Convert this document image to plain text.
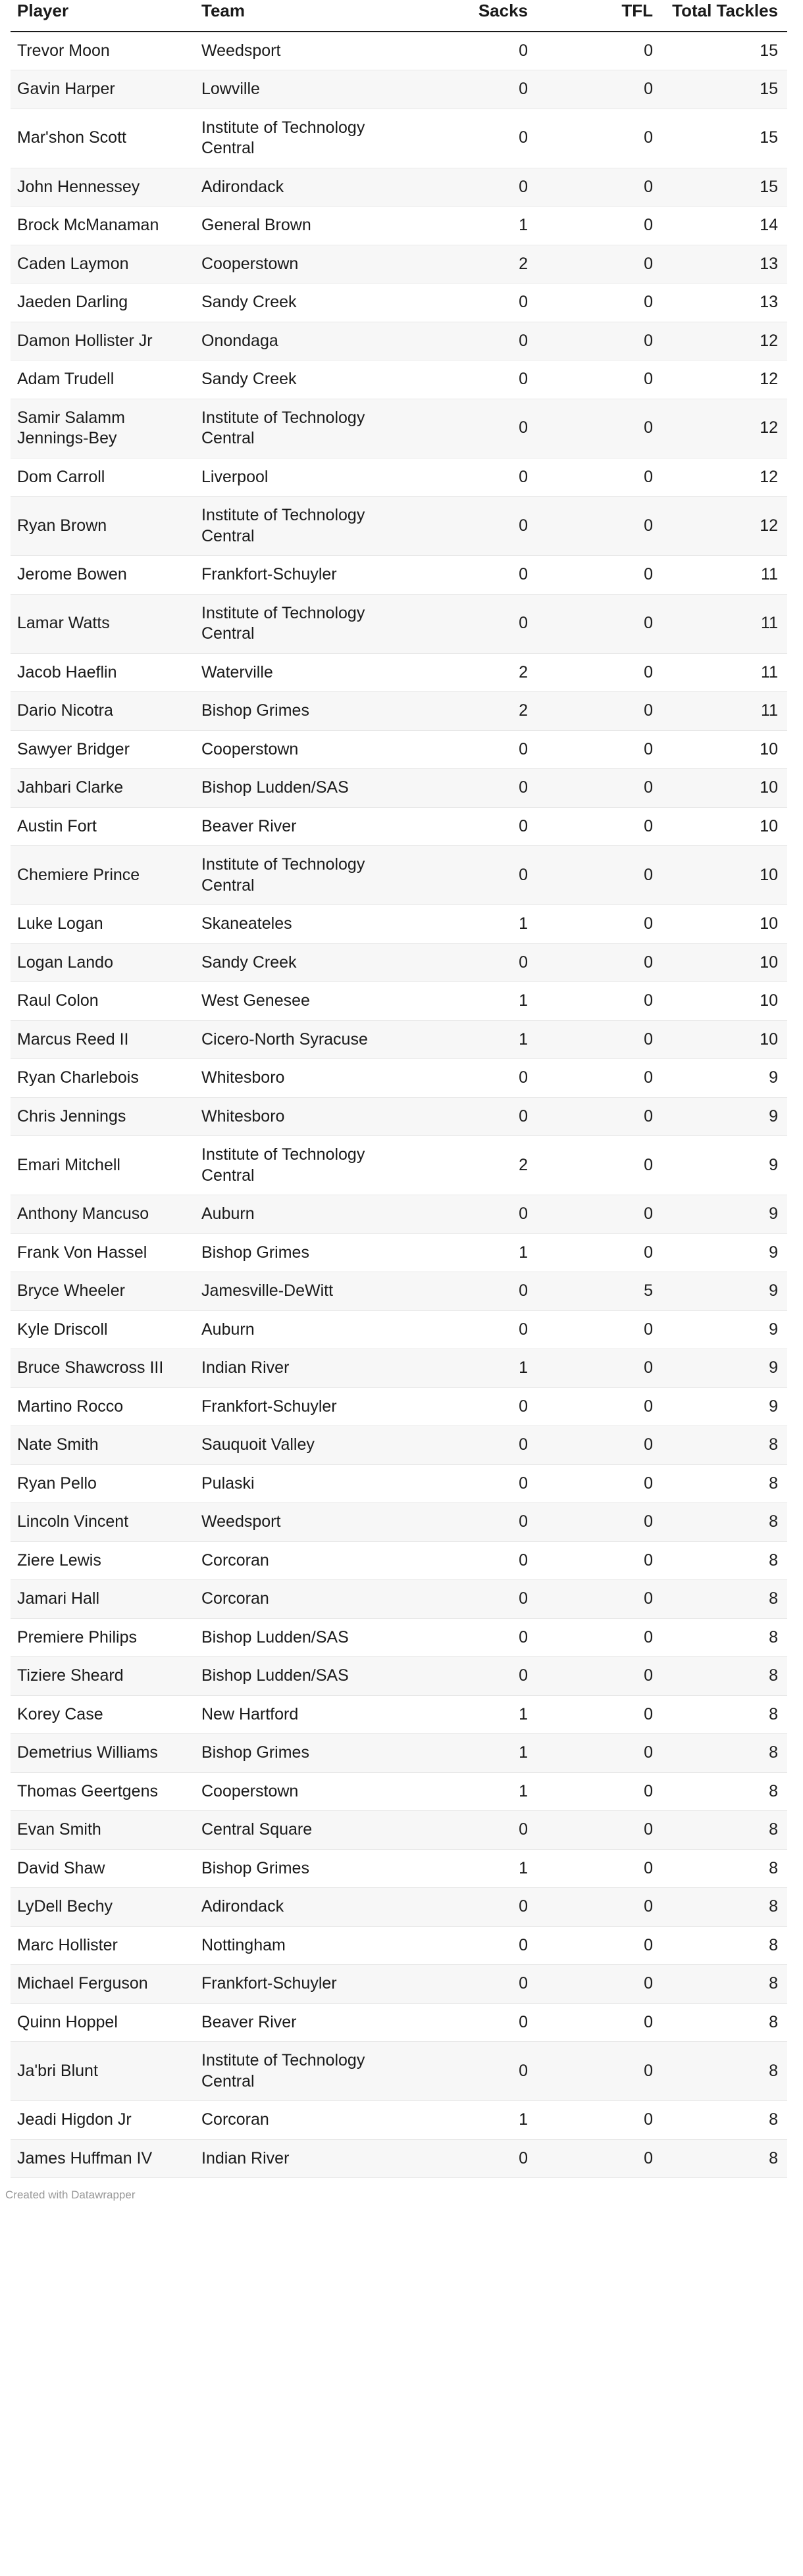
Player	Team	Sacks	TFL	Total Tackles

Trevor Moon	Weedsport	0	0	15
Gavin Harper	Lowville	0	0	15
Mar'shon Scott	Institute of Technology Central	0	0	15
John Hennessey	Adirondack	0	0	15
Brock McManaman	General Brown	1	0	14
Caden Laymon	Cooperstown	2	0	13
Jaeden Darling	Sandy Creek	0	0	13
Damon Hollister Jr	Onondaga	0	0	12
Adam Trudell	Sandy Creek	0	0	12
Samir Salamm Jennings-Bey	Institute of Technology Central	0	0	12
Dom Carroll	Liverpool	0	0	12
Ryan Brown	Institute of Technology Central	0	0	12
Jerome Bowen	Frankfort-Schuyler	0	0	11
Lamar Watts	Institute of Technology Central	0	0	11
Jacob Haeflin	Waterville	2	0	11
Dario Nicotra	Bishop Grimes	2	0	11
Sawyer Bridger	Cooperstown	0	0	10
Jahbari Clarke	Bishop Ludden/SAS	0	0	10
Austin Fort	Beaver River	0	0	10
Chemiere Prince	Institute of Technology Central	0	0	10
Luke Logan	Skaneateles	1	0	10
Logan Lando	Sandy Creek	0	0	10
Raul Colon	West Genesee	1	0	10
Marcus Reed II	Cicero-North Syracuse	1	0	10
Ryan Charlebois	Whitesboro	0	0	9
Chris Jennings	Whitesboro	0	0	9
Emari Mitchell	Institute of Technology Central	2	0	9
Anthony Mancuso	Auburn	0	0	9
Frank Von Hassel	Bishop Grimes	1	0	9
Bryce Wheeler	Jamesville-DeWitt	0	5	9
Kyle Driscoll	Auburn	0	0	9
Bruce Shawcross III	Indian River	1	0	9
Martino Rocco	Frankfort-Schuyler	0	0	9
Nate Smith	Sauquoit Valley	0	0	8
Ryan Pello	Pulaski	0	0	8
Lincoln Vincent	Weedsport	0	0	8
Ziere Lewis	Corcoran	0	0	8
Jamari Hall	Corcoran	0	0	8
Premiere Philips	Bishop Ludden/SAS	0	0	8
Tiziere Sheard	Bishop Ludden/SAS	0	0	8
Korey Case	New Hartford	1	0	8
Demetrius Williams	Bishop Grimes	1	0	8
Thomas Geertgens	Cooperstown	1	0	8
Evan Smith	Central Square	0	0	8
David Shaw	Bishop Grimes	1	0	8
LyDell Bechy	Adirondack	0	0	8
Marc Hollister	Nottingham	0	0	8
Michael Ferguson	Frankfort-Schuyler	0	0	8
Quinn Hoppel	Beaver River	0	0	8
Ja'bri Blunt	Institute of Technology Central	0	0	8
Jeadi Higdon Jr	Corcoran	1	0	8
James Huffman IV	Indian River	0	0	8
Created with Datawrapper
